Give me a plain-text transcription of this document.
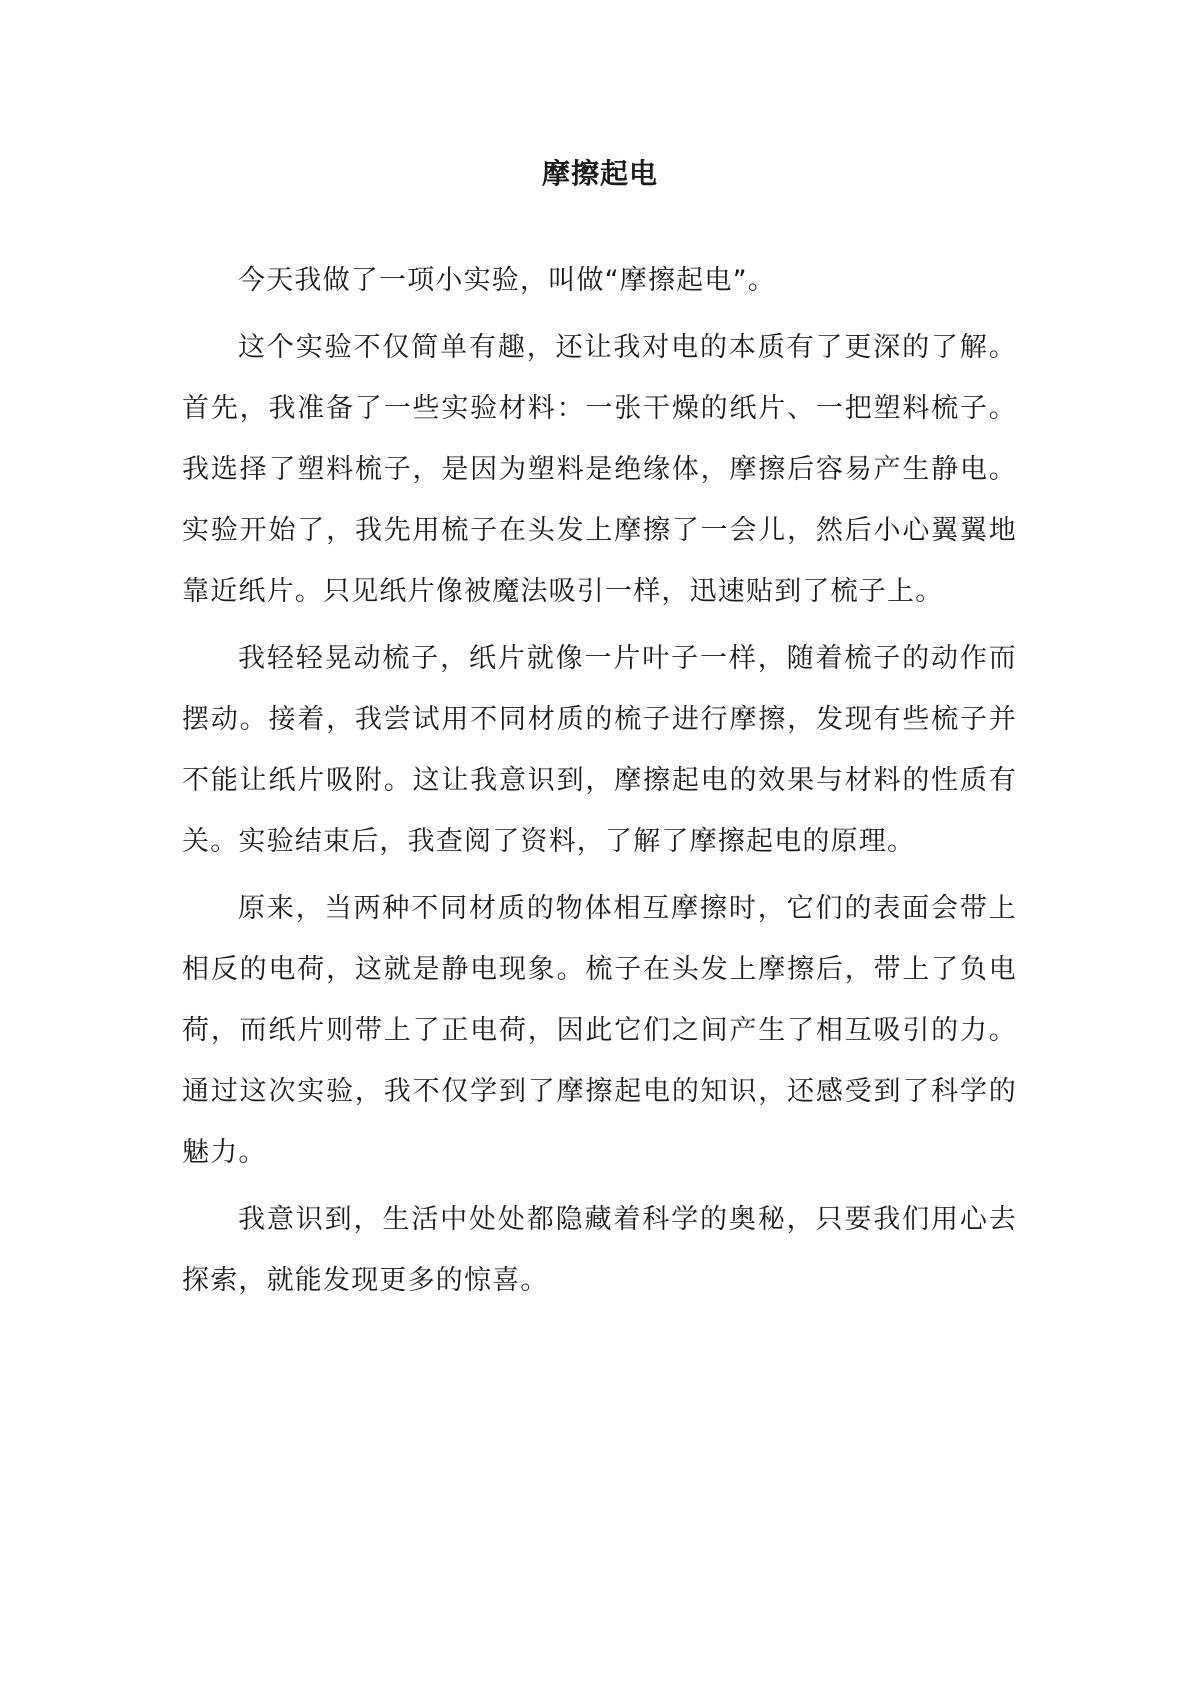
摩擦起电

今天我做了一项小实验，叫做“摩擦起电”。

这个实验不仅简单有趣，还让我对电的本质有了更深的了解。首先，我准备了一些实验材料：一张干燥的纸片、一把塑料梳子。我选择了塑料梳子，是因为塑料是绝缘体，摩擦后容易产生静电。实验开始了，我先用梳子在头发上摩擦了一会儿，然后小心翼翼地靠近纸片。只见纸片像被魔法吸引一样，迅速贴到了梳子上。

我轻轻晃动梳子，纸片就像一片叶子一样，随着梳子的动作而摆动。接着，我尝试用不同材质的梳子进行摩擦，发现有些梳子并不能让纸片吸附。这让我意识到，摩擦起电的效果与材料的性质有关。实验结束后，我查阅了资料，了解了摩擦起电的原理。

原来，当两种不同材质的物体相互摩擦时，它们的表面会带上相反的电荷，这就是静电现象。梳子在头发上摩擦后，带上了负电荷，而纸片则带上了正电荷，因此它们之间产生了相互吸引的力。通过这次实验，我不仅学到了摩擦起电的知识，还感受到了科学的魅力。

我意识到，生活中处处都隐藏着科学的奥秘，只要我们用心去探索，就能发现更多的惊喜。
